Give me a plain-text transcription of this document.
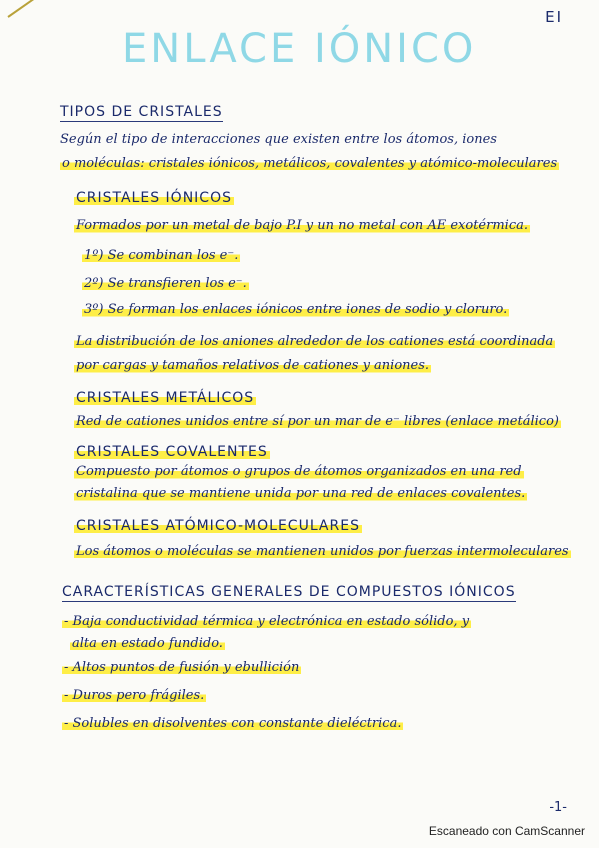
EI
ENLACE IÓNICO
TIPOS DE CRISTALES
Según el tipo de interacciones que existen entre los átomos, iones
o moléculas: cristales iónicos, metálicos, covalentes y atómico-moleculares
CRISTALES IÓNICOS
Formados por un metal de bajo P.I y un no metal con AE exotérmica.
1º) Se combinan los e⁻.
2º) Se transfieren los e⁻.
3º) Se forman los enlaces iónicos entre iones de sodio y cloruro.
La distribución de los aniones alrededor de los cationes está coordinada
por cargas y tamaños relativos de cationes y aniones.
CRISTALES METÁLICOS
Red de cationes unidos entre sí por un mar de e⁻ libres (enlace metálico)
CRISTALES COVALENTES
Compuesto por átomos o grupos de átomos organizados en una red
cristalina que se mantiene unida por una red de enlaces covalentes.
CRISTALES ATÓMICO-MOLECULARES
Los átomos o moléculas se mantienen unidos por fuerzas intermoleculares
CARACTERÍSTICAS GENERALES DE COMPUESTOS IÓNICOS
- Baja conductividad térmica y electrónica en estado sólido, y
alta en estado fundido.
- Altos puntos de fusión y ebullición
- Duros pero frágiles.
- Solubles en disolventes con constante dieléctrica.
-1-
Escaneado con CamScanner
